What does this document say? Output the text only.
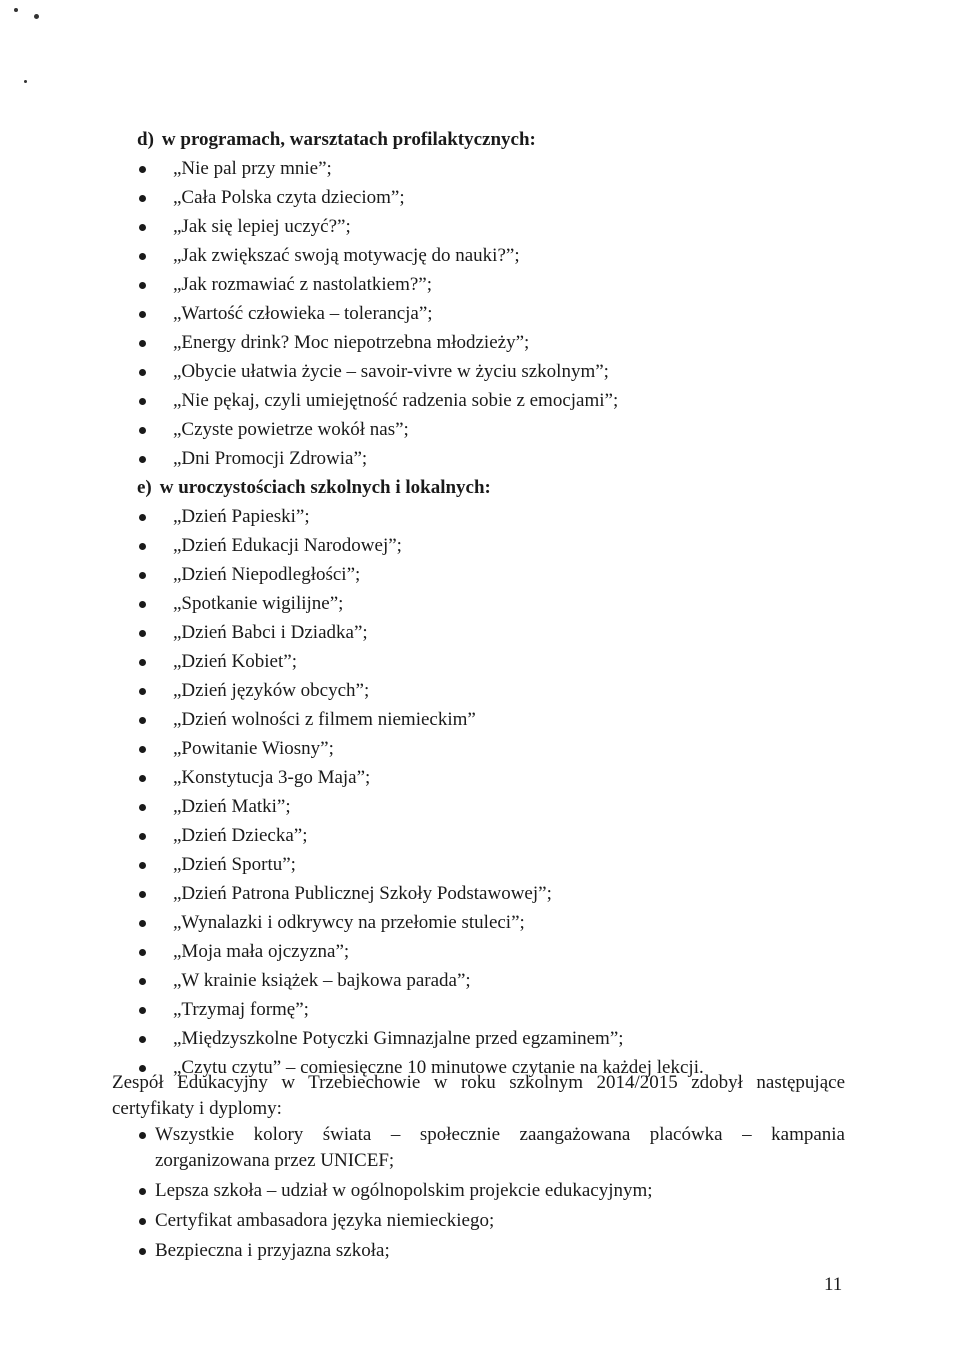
d) w programach, warsztatach profilaktycznych:

„Nie pal przy mnie”;
„Cała Polska czyta dzieciom”;
„Jak się lepiej uczyć?”;
„Jak zwiększać swoją motywację do nauki?”;
„Jak rozmawiać z nastolatkiem?”;
„Wartość człowieka – tolerancja”;
„Energy drink? Moc niepotrzebna młodzieży”;
„Obycie ułatwia życie – savoir-vivre w życiu szkolnym”;
„Nie pękaj, czyli umiejętność radzenia sobie z emocjami”;
„Czyste powietrze wokół nas”;
„Dni Promocji Zdrowia”;

e) w uroczystościach szkolnych i lokalnych:

„Dzień Papieski”;
„Dzień Edukacji Narodowej”;
„Dzień Niepodległości”;
„Spotkanie wigilijne”;
„Dzień Babci i Dziadka”;
„Dzień Kobiet”;
„Dzień języków obcych”;
„Dzień wolności z filmem niemieckim”
„Powitanie Wiosny”;
„Konstytucja 3-go Maja”;
„Dzień Matki”;
„Dzień Dziecka”;
„Dzień Sportu”;
„Dzień Patrona Publicznej Szkoły Podstawowej”;
„Wynalazki i odkrywcy na przełomie stuleci”;
„Moja mała ojczyzna”;
„W krainie książek – bajkowa parada”;
„Trzymaj formę”;
„Międzyszkolne Potyczki Gimnazjalne przed egzaminem”;
„Czytu czytu” – comiesięczne 10 minutowe czytanie na każdej lekcji.
Zespół Edukacyjny w Trzebiechowie w roku szkolnym 2014/2015 zdobył następujące
certyfikaty i dyplomy:
Wszystkie kolory świata – społecznie zaangażowana placówka – kampania
zorganizowana przez UNICEF;
Lepsza szkoła – udział w ogólnopolskim projekcie edukacyjnym;
Certyfikat ambasadora języka niemieckiego;
Bezpieczna i przyjazna szkoła;
11
